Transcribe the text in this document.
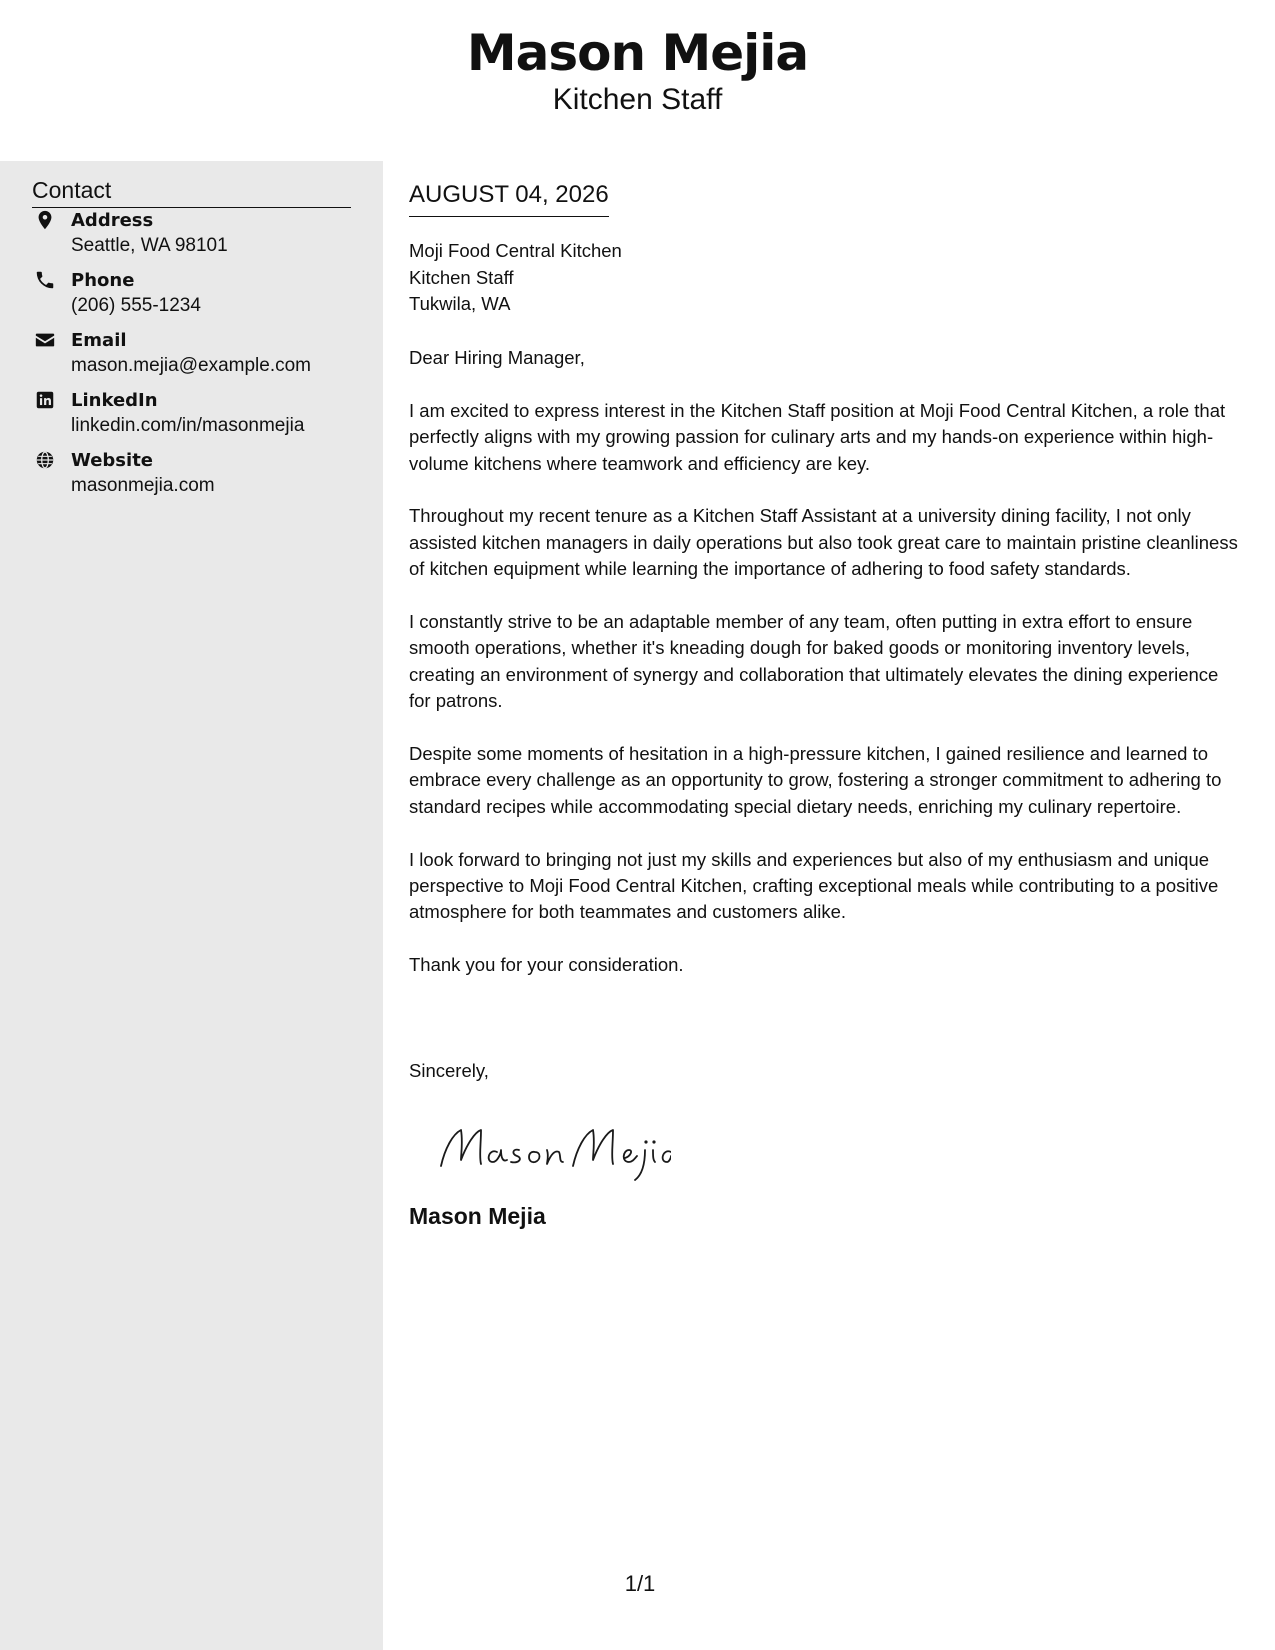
Mason Mejia
Kitchen Staff
Contact
Address
Seattle, WA 98101
Phone
(206) 555-1234
Email
mason.mejia@example.com
LinkedIn
linkedin.com/in/masonmejia
Website
masonmejia.com
AUGUST 04, 2026
Moji Food Central Kitchen
Kitchen Staff
Tukwila, WA

Dear Hiring Manager,

I am excited to express interest in the Kitchen Staff position at Moji Food Central Kitchen, a role that perfectly aligns with my growing passion for culinary arts and my hands-on experience within high-volume kitchens where teamwork and efficiency are key.

Throughout my recent tenure as a Kitchen Staff Assistant at a university dining facility, I not only assisted kitchen managers in daily operations but also took great care to maintain pristine cleanliness of kitchen equipment while learning the importance of adhering to food safety standards.

I constantly strive to be an adaptable member of any team, often putting in extra effort to ensure smooth operations, whether it's kneading dough for baked goods or monitoring inventory levels, creating an environment of synergy and collaboration that ultimately elevates the dining experience for patrons.

Despite some moments of hesitation in a high-pressure kitchen, I gained resilience and learned to embrace every challenge as an opportunity to grow, fostering a stronger commitment to adhering to standard recipes while accommodating special dietary needs, enriching my culinary repertoire.

I look forward to bringing not just my skills and experiences but also of my enthusiasm and unique perspective to Moji Food Central Kitchen, crafting exceptional meals while contributing to a positive atmosphere for both teammates and customers alike.

Thank you for your consideration.

Sincerely,
Mason Mejia
1/1
